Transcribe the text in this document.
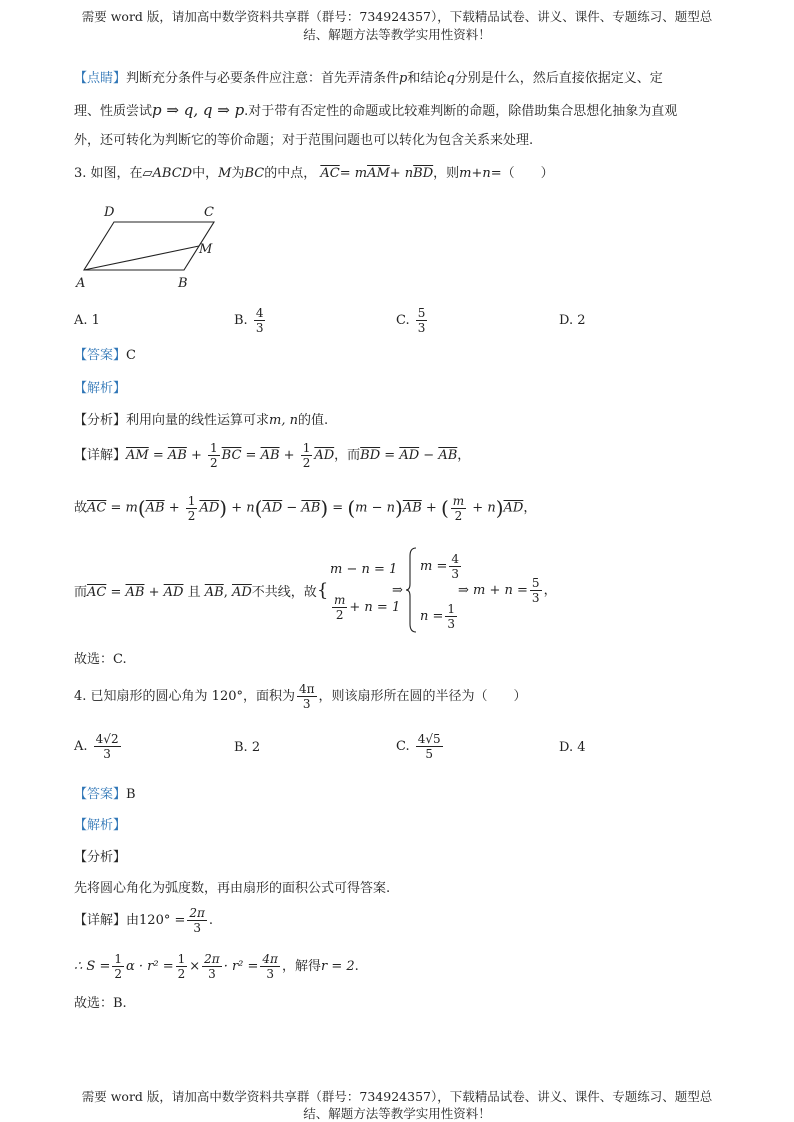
需要 word 版，请加高中数学资料共享群（群号：734924357），下载精品试卷、讲义、课件、专题练习、题型总
结、解题方法等教学实用性资料！
【点睛】判断充分条件与必要条件应注意：首先弄清条件p和结论q分别是什么，然后直接依据定义、定
理、性质尝试p ⇒ q, q ⇒ p.对于带有否定性的命题或比较难判断的命题，除借助集合思想化抽象为直观
外，还可转化为判断它的等价命题；对于范围问题也可以转化为包含关系来处理.
3. 如图，在▱ABCD中，M为BC的中点， $\overline{AC}= m\overline{AM}+ n\overline{BD}$，则m+n=（　　）
D	C
M
A	B
A. 1	B. $\frac{4}{3}$	C. $\frac{5}{3}$	D. 2
【答案】C
【解析】
【分析】利用向量的线性运算可求m, n的值.
【详解】$\overline{AM} = \overline{AB} + \frac{1}{2} \overline{BC} = \overline{AB} + \frac{1}{2} \overline{AD}$，而$\overline{BD} = \overline{AD} - \overline{AB}$，
故$\overline{AC} = m(\overline{AB} + \frac{1}{2} \overline{AD}) + n(\overline{AD} - \overline{AB}) = (m - n)\overline{AB}$ + ( $\frac{m}{2} + n)\overline{AD}$，
而$\overline{AC} = \overline{AB} + \overline{AD}$ 且 $\overline{AB}$, $\overline{AD}$不共线，故{
m − n = 1
$\frac{m}{2} + n = 1$
⇒
$m = \frac{4}{3}$
$n = \frac{1}{3}$
⇒ $m + n = \frac{5}{3}$ ，
故选：C.
4. 已知扇形的圆心角为 120°，面积为 $\frac{4\pi}{3}$ ，则该扇形所在圆的半径为（　　）
A. $\frac{4√2}{3}$	B. 2	C. $\frac{4√5}{5}$	D. 4
【答案】B
【解析】
【分析】
先将圆心角化为弧度数，再由扇形的面积公式可得答案.
【详解】由$120^\circ = \frac{2\pi}{3}$ .
∴ $S = \frac{1}{2}$ $\alpha \cdot r^2 = \frac{1}{2} \times \frac{2\pi}{3} \cdot r^2 = \frac{4\pi}{3}$ ，解得r = 2.
故选：B.
需要 word 版，请加高中数学资料共享群（群号：734924357），下载精品试卷、讲义、课件、专题练习、题型总
结、解题方法等教学实用性资料！
